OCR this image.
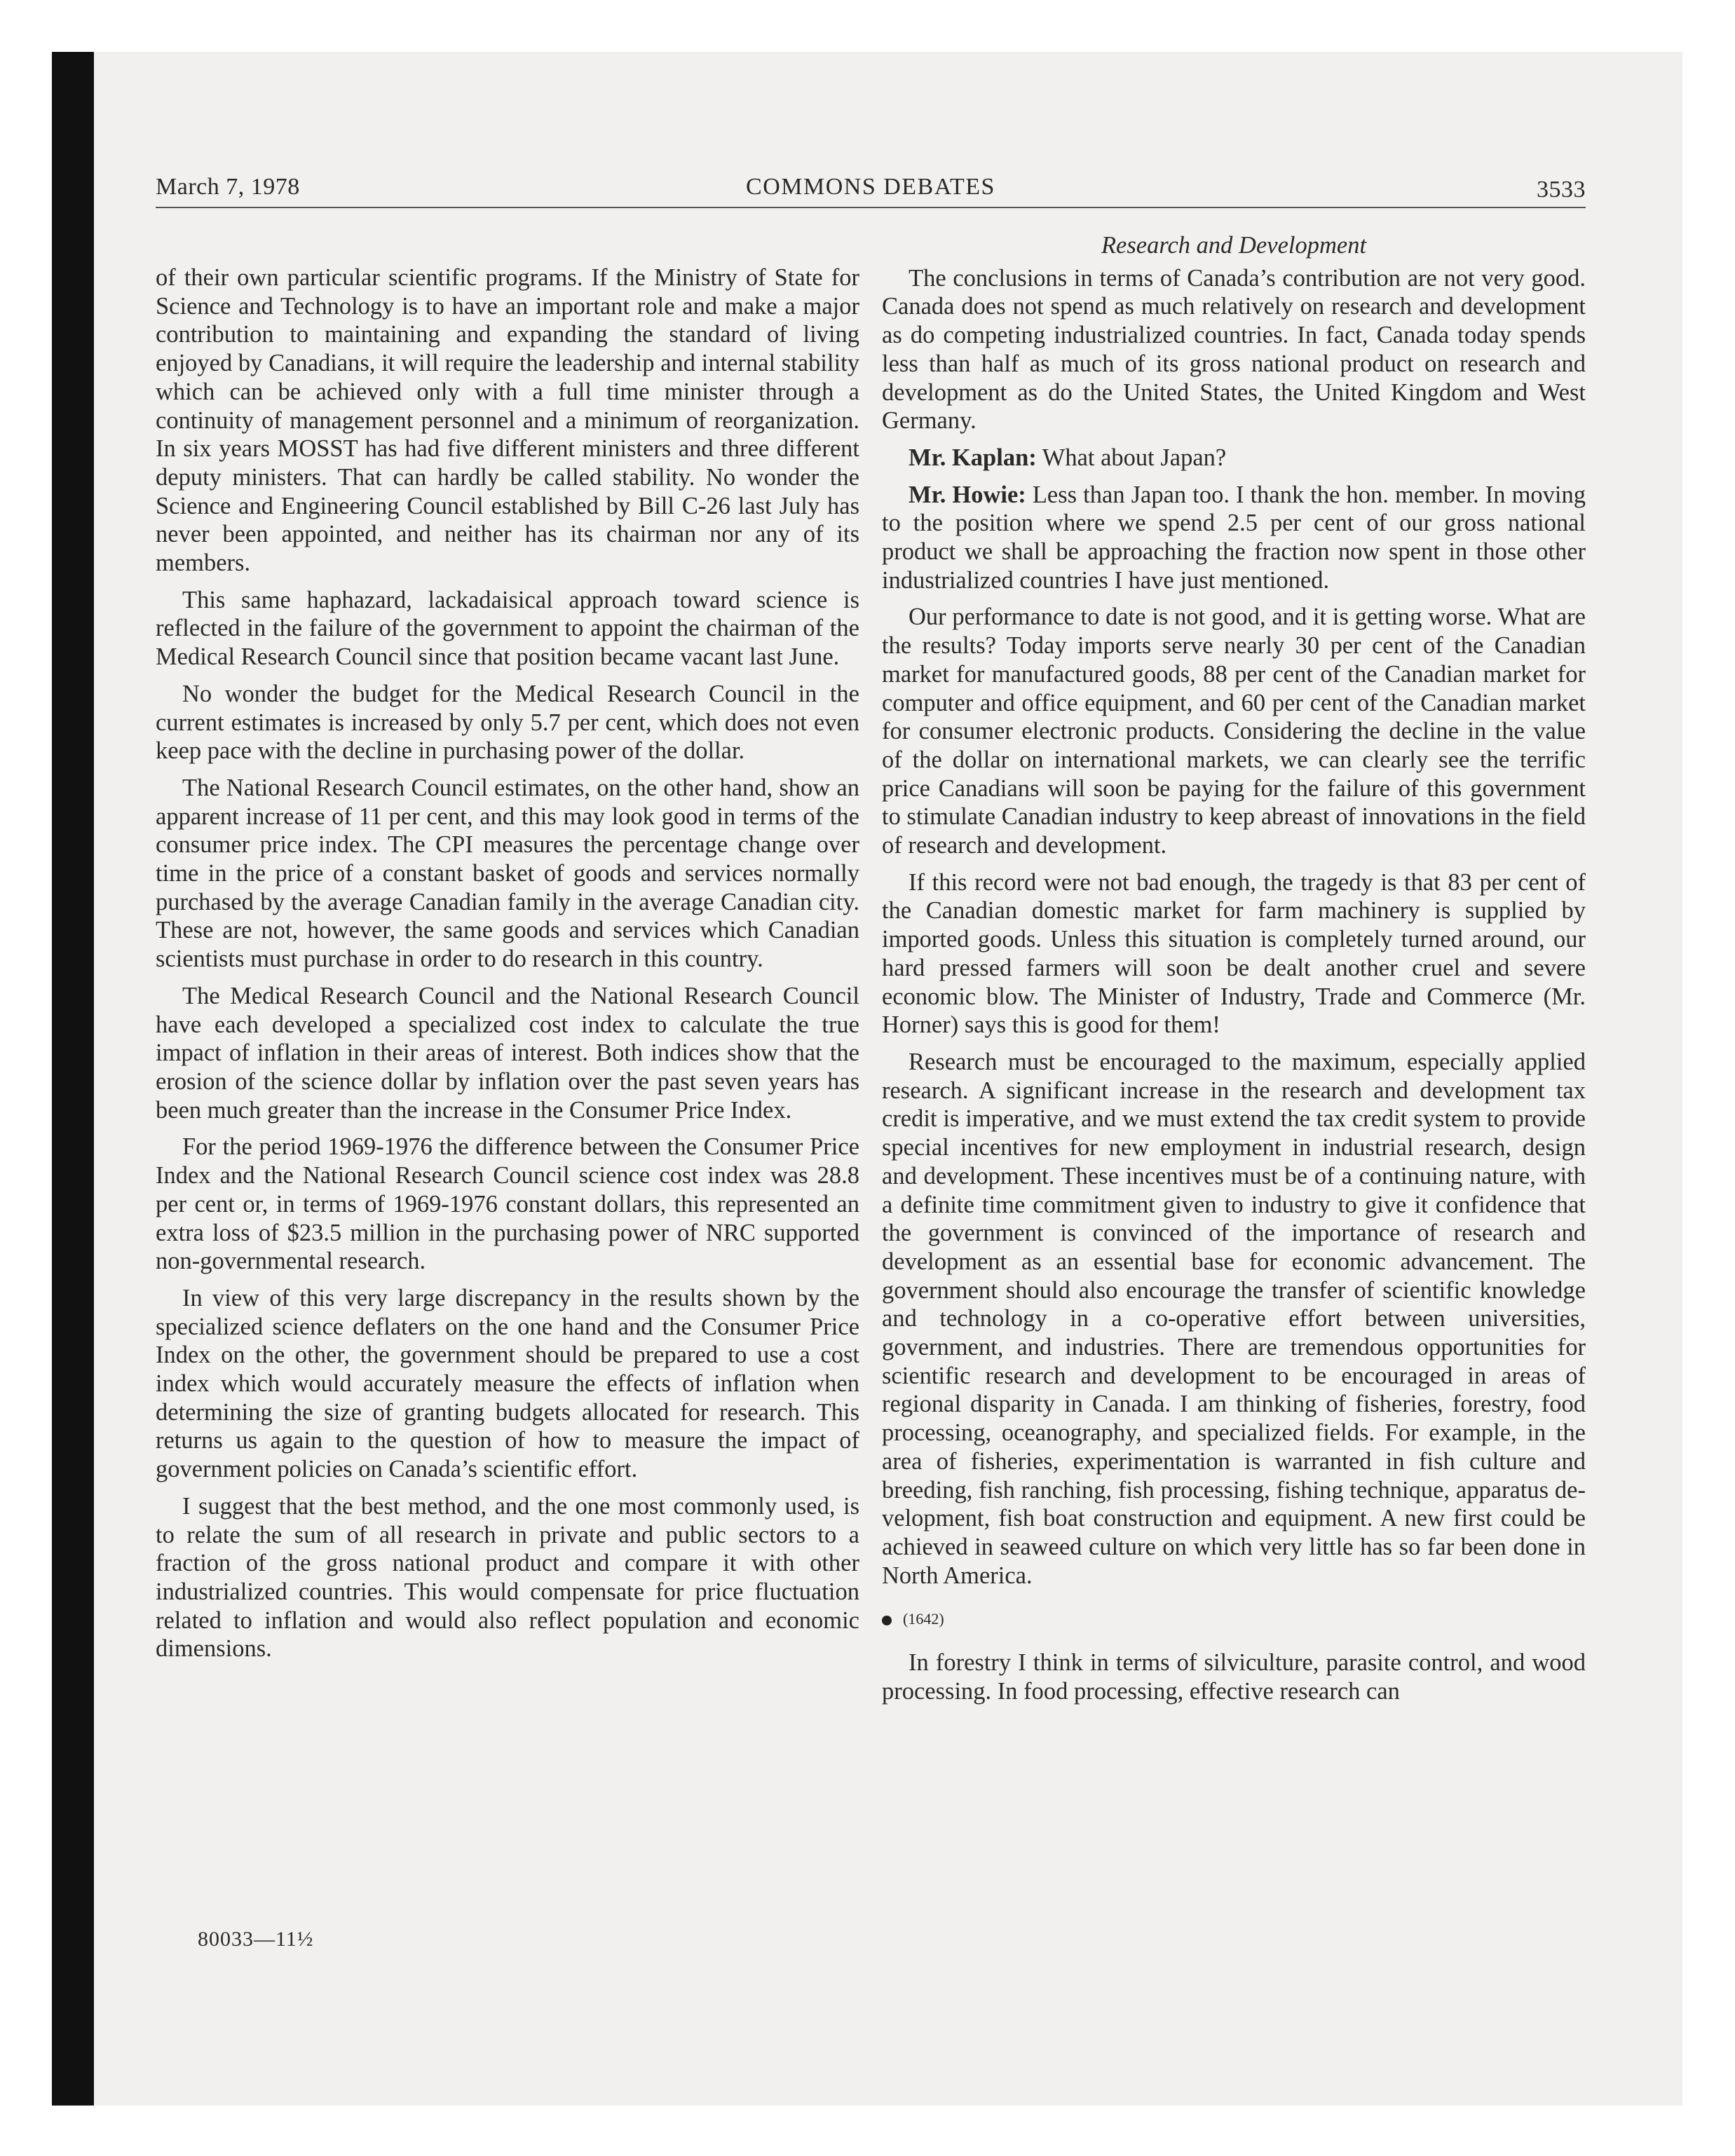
March 7, 1978	COMMONS DEBATES	3533

of their own particular scientific programs. If the Ministry of State for Science and Technology is to have an important role and make a major contribution to maintaining and expanding the standard of living enjoyed by Canadians, it will require the leadership and internal stability which can be achieved only with a full time minister through a continuity of management personnel and a minimum of reorganization. In six years MOSST has had five different ministers and three different deputy ministers. That can hardly be called stability. No wonder the Science and Engineering Council established by Bill C-26 last July has never been appointed, and neither has its chairman nor any of its members.

This same haphazard, lackadaisical approach toward science is reflected in the failure of the government to appoint the chairman of the Medical Research Council since that position became vacant last June.

No wonder the budget for the Medical Research Council in the current estimates is increased by only 5.7 per cent, which does not even keep pace with the decline in purchasing power of the dollar.

The National Research Council estimates, on the other hand, show an apparent increase of 11 per cent, and this may look good in terms of the consumer price index. The CPI measures the percentage change over time in the price of a constant basket of goods and services normally purchased by the average Canadian family in the average Canadian city. These are not, however, the same goods and services which Canadian scientists must purchase in order to do research in this country.

The Medical Research Council and the National Research Council have each developed a specialized cost index to calculate the true impact of inflation in their areas of interest. Both indices show that the erosion of the science dollar by inflation over the past seven years has been much greater than the increase in the Consumer Price Index.

For the period 1969-1976 the difference between the Consumer Price Index and the National Research Council science cost index was 28.8 per cent or, in terms of 1969-1976 constant dollars, this represented an extra loss of $23.5 million in the purchasing power of NRC supported non-governmental research.

In view of this very large discrepancy in the results shown by the specialized science deflaters on the one hand and the Consumer Price Index on the other, the government should be prepared to use a cost index which would accurately measure the effects of inflation when determining the size of granting budgets allocated for research. This returns us again to the question of how to measure the impact of government policies on Canada’s scientific effort.

I suggest that the best method, and the one most commonly used, is to relate the sum of all research in private and public sectors to a fraction of the gross national product and compare it with other industrialized countries. This would compensate for price fluctuation related to inflation and would also reflect population and economic dimensions.

Research and Development

The conclusions in terms of Canada’s contribution are not very good. Canada does not spend as much relatively on research and development as do competing industrialized countries. In fact, Canada today spends less than half as much of its gross national product on research and development as do the United States, the United Kingdom and West Germany.

Mr. Kaplan: What about Japan?

Mr. Howie: Less than Japan too. I thank the hon. member. In moving to the position where we spend 2.5 per cent of our gross national product we shall be approaching the fraction now spent in those other industrialized countries I have just mentioned.

Our performance to date is not good, and it is getting worse. What are the results? Today imports serve nearly 30 per cent of the Canadian market for manufactured goods, 88 per cent of the Canadian market for computer and office equipment, and 60 per cent of the Canadian market for consumer electronic products. Considering the decline in the value of the dollar on international markets, we can clearly see the terrific price Canadians will soon be paying for the failure of this government to stimulate Canadian industry to keep abreast of innovations in the field of research and development.

If this record were not bad enough, the tragedy is that 83 per cent of the Canadian domestic market for farm machinery is supplied by imported goods. Unless this situation is completely turned around, our hard pressed farmers will soon be dealt another cruel and severe economic blow. The Minister of Industry, Trade and Commerce (Mr. Horner) says this is good for them!

Research must be encouraged to the maximum, especially applied research. A significant increase in the research and development tax credit is imperative, and we must extend the tax credit system to provide special incentives for new employment in industrial research, design and development. These incentives must be of a continuing nature, with a definite time commitment given to industry to give it confidence that the government is convinced of the importance of research and development as an essential base for economic advancement. The government should also encourage the transfer of scientific knowledge and technology in a co-operative effort between universities, government, and industries. There are tremendous opportunities for scientific research and development to be encouraged in areas of regional disparity in Canada. I am thinking of fisheries, forestry, food processing, oceanography, and specialized fields. For example, in the area of fisheries, experimentation is warranted in fish culture and breeding, fish ranching, fish processing, fishing technique, apparatus development, fish boat construction and equipment. A new first could be achieved in seaweed culture on which very little has so far been done in North America.

(1642)

In forestry I think in terms of silviculture, parasite control, and wood processing. In food processing, effective research can

80033—11½
